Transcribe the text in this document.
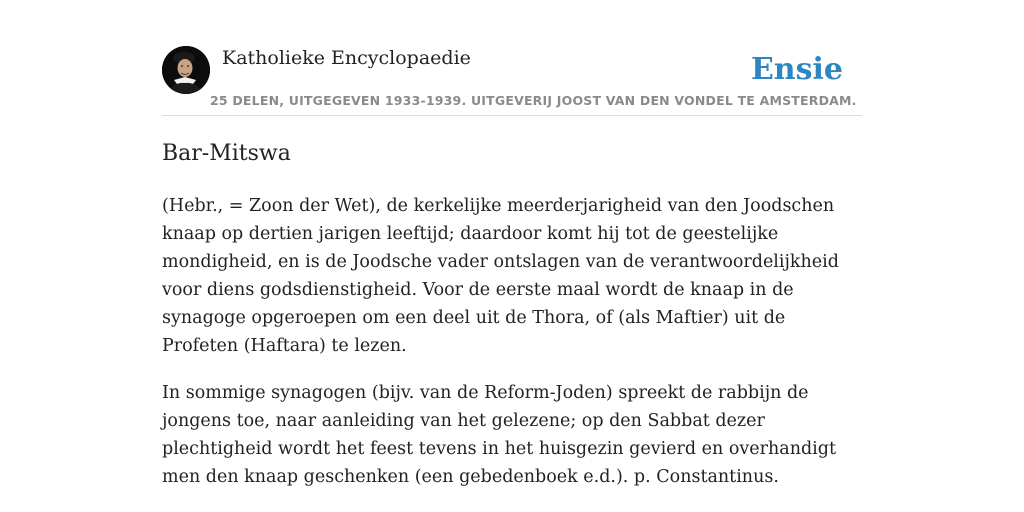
Katholieke Encyclopaedie
25 DELEN, UITGEGEVEN 1933-1939. UITGEVERIJ JOOST VAN DEN VONDEL TE AMSTERDAM.
Ensie
Bar-Mitswa

(Hebr., = Zoon der Wet), de kerkelijke meerderjarigheid van den Joodschen knaap op dertien jarigen leeftijd; daardoor komt hij tot de geestelijke mondigheid, en is de Joodsche vader ontslagen van de verantwoordelijkheid voor diens godsdienstigheid. Voor de eerste maal wordt de knaap in de synagoge opgeroepen om een deel uit de Thora, of (als Maftier) uit de Profeten (Haftara) te lezen.

In sommige synagogen (bijv. van de Reform-Joden) spreekt de rabbijn de jongens toe, naar aanleiding van het gelezene; op den Sabbat dezer plechtigheid wordt het feest tevens in het huisgezin gevierd en overhandigt men den knaap geschenken (een gebedenboek e.d.). p. Constantinus.
